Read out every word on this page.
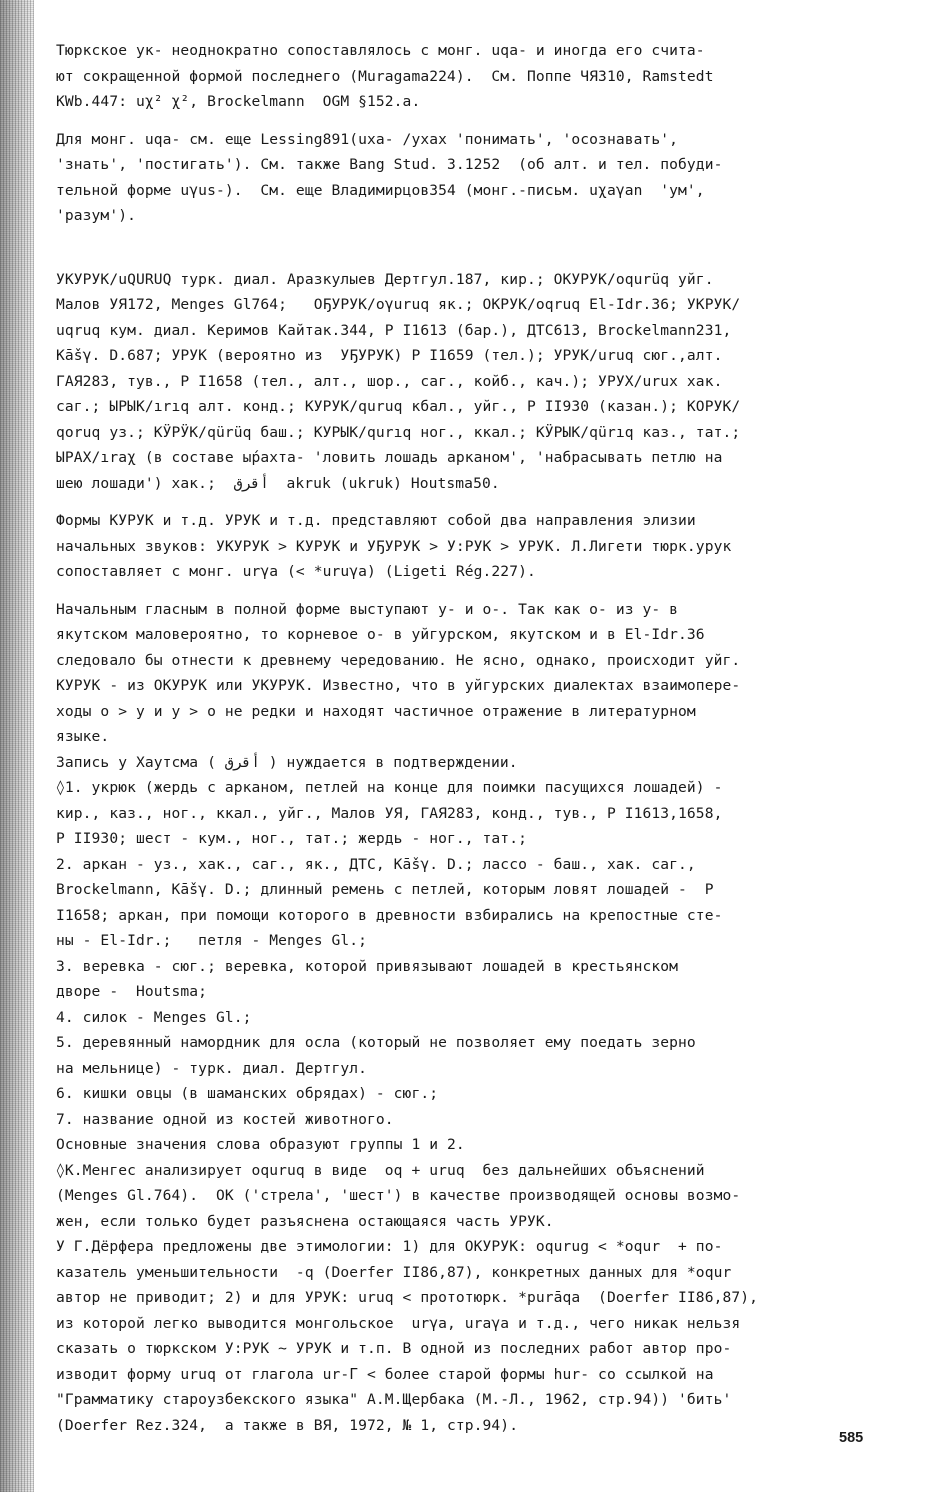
Тюркское ук- неоднократно сопоставлялось с монг. uqa- и иногда его счита-
ют сокращенной формой последнего (Muragama224).  См. Поппе ЧЯ310, Ramstedt
KWb.447: uχ² χ², Brockelmann  OGM §152.a.

Для монг. uqa- см. еще Lessing891(uxa- /ухах 'понимать', 'осознавать',
'знать', 'постигать'). См. также Bang Stud. 3.1252  (об алт. и тел. побуди-
тельной форме uγus-).  См. еще Владимирцов354 (монг.-письм. uχaγan  'ум',
'разум').

УКУРУК/uQURUQ турк. диал. Аразкулыев Дертгул.187, кир.; ОКУРУК/oqurüq уйг.
Малов УЯ172, Menges Gl764;   ОҔУРУК/oγuruq як.; ОКРУК/oqruq El-Idr.36; УКРУК/
uqruq кум. диал. Керимов Кайтак.344, Р I1613 (бар.), ДТС613, Brockelmann231,
Kāšγ. D.687; УРУК (вероятно из  УҔУРУК) Р I1659 (тел.); УРУК/uruq сюг.,алт.
ГАЯ283, тув., Р I1658 (тел., алт., шор., саг., койб., кач.); УРУХ/urux хак.
саг.; ЫРЫК/ırıq алт. конд.; КУРУК/quruq кбал., уйг., Р II930 (казан.); КОРУК/
qoruq уз.; КӰРӰК/qürüq баш.; КУРЫК/qurıq ног., ккал.; КӰРЫК/qürıq каз., тат.;
ЫРАХ/ıraχ (в составе ыр́ахта- 'ловить лошадь арканом', 'набрасывать петлю на
шею лошади') хак.;  أقرق  akruk (ukruk) Houtsma50.

Формы КУРУК и т.д. УРУК и т.д. представляют собой два направления элизии
начальных звуков: УКУРУК > КУРУК и УҔУРУК > У:РУК > УРУК. Л.Лигети тюрк.урук
сопоставляет с монг. urγa (< *uruγa) (Ligeti Rég.227).

Начальным гласным в полной форме выступают у- и о-. Так как о- из у- в
якутском маловероятно, то корневое о- в уйгурском, якутском и в El-Idr.36
следовало бы отнести к древнему чередованию. Не ясно, однако, происходит уйг.
КУРУК - из ОКУРУК или УКУРУК. Известно, что в уйгурских диалектах взаимопере-
ходы о > у и у > о не редки и находят частичное отражение в литературном
языке.

Запись у Хаутсма ( أقرق ) нуждается в подтверждении.

◊1. укрюк (жердь с арканом, петлей на конце для поимки пасущихся лошадей) -
кир., каз., ног., ккал., уйг., Малов УЯ, ГАЯ283, конд., тув., Р I1613,1658,
Р II930; шест - кум., ног., тат.; жердь - ног., тат.;

2. аркан - уз., хак., саг., як., ДТС, Kāšγ. D.; лассо - баш., хак. саг.,
Brockelmann, Kāšγ. D.; длинный ремень с петлей, которым ловят лошадей -  Р
I1658; аркан, при помощи которого в древности взбирались на крепостные сте-
ны - El-Idr.;   петля - Menges Gl.;

3. веревка - сюг.; веревка, которой привязывают лошадей в крестьянском
дворе -  Houtsma;

4. силок - Menges Gl.;

5. деревянный намордник для осла (который не позволяет ему поедать зерно
на мельнице) - турк. диал. Дертгул.

6. кишки овцы (в шаманских обрядах) - сюг.;

7. название одной из костей животного.

Основные значения слова образуют группы 1 и 2.

◊К.Менгес анализирует oquruq в виде  oq + uruq  без дальнейших объяснений
(Menges Gl.764).  ОК ('стрела', 'шест') в качестве производящей основы возмо-
жен, если только будет разъяснена остающаяся часть УРУК.

У Г.Дёрфера предложены две этимологии: 1) для ОКУРУК: oqurug < *oqur  + по-
казатель уменьшительности  -q (Doerfer II86,87), конкретных данных для *oqur
автор не приводит; 2) и для УРУК: uruq < прототюрк. *purāqa  (Doerfer II86,87),
из которой легко выводится монгольское  urγa, uraγa и т.д., чего никак нельзя
сказать о тюркском У:РУК ~ УРУК и т.п. В одной из последних работ автор про-
изводит форму uruq от глагола ur-Γ < более старой формы hur- со ссылкой на
"Грамматику староузбекского языка" А.М.Щербака (М.-Л., 1962, стр.94)) 'бить'
(Doerfer Rez.324,  а также в ВЯ, 1972, № 1, стр.94).

585
